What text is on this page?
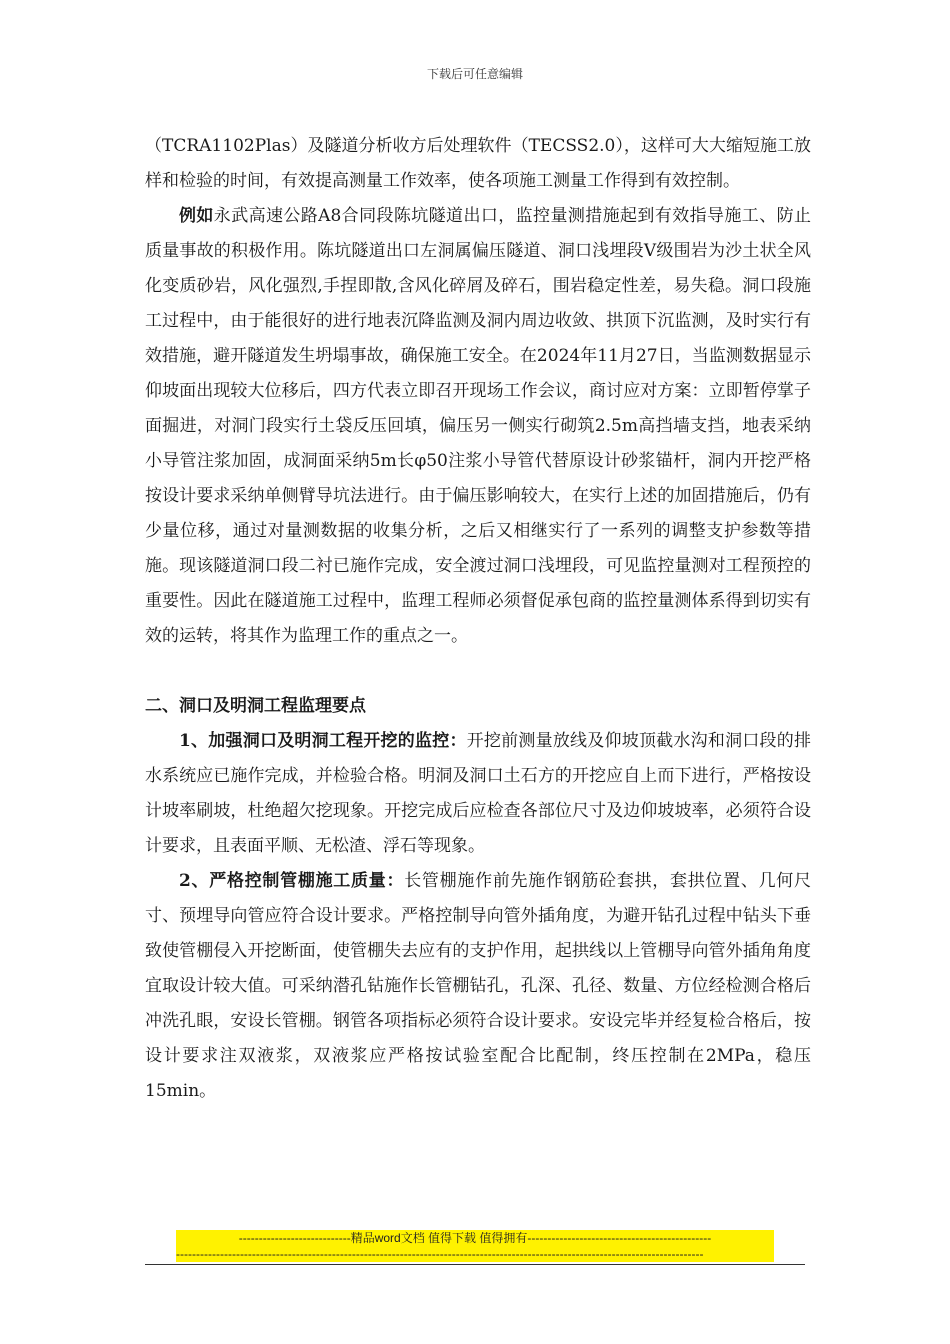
下载后可任意编辑

（TCRA1102Plas）及隧道分析收方后处理软件（TECSS2.0），这样可大大缩短施工放样和检验的时间，有效提高测量工作效率，使各项施工测量工作得到有效控制。

例如永武高速公路A8合同段陈坑隧道出口，监控量测措施起到有效指导施工、防止质量事故的积极作用。陈坑隧道出口左洞属偏压隧道、洞口浅埋段V级围岩为沙土状全风化变质砂岩，风化强烈,手捏即散,含风化碎屑及碎石，围岩稳定性差，易失稳。洞口段施工过程中，由于能很好的进行地表沉降监测及洞内周边收敛、拱顶下沉监测，及时实行有效措施，避开隧道发生坍塌事故，确保施工安全。在2024年11月27日，当监测数据显示仰坡面出现较大位移后，四方代表立即召开现场工作会议，商讨应对方案：立即暂停掌子面掘进，对洞门段实行土袋反压回填，偏压另一侧实行砌筑2.5m高挡墙支挡，地表采纳小导管注浆加固，成洞面采纳5m长φ50注浆小导管代替原设计砂浆锚杆，洞内开挖严格按设计要求采纳单侧臂导坑法进行。由于偏压影响较大，在实行上述的加固措施后，仍有少量位移，通过对量测数据的收集分析，之后又相继实行了一系列的调整支护参数等措施。现该隧道洞口段二衬已施作完成，安全渡过洞口浅埋段，可见监控量测对工程预控的重要性。因此在隧道施工过程中，监理工程师必须督促承包商的监控量测体系得到切实有效的运转，将其作为监理工作的重点之一。

二、洞口及明洞工程监理要点

1、加强洞口及明洞工程开挖的监控：开挖前测量放线及仰坡顶截水沟和洞口段的排水系统应已施作完成，并检验合格。明洞及洞口土石方的开挖应自上而下进行，严格按设计坡率刷坡，杜绝超欠挖现象。开挖完成后应检查各部位尺寸及边仰坡坡率，必须符合设计要求，且表面平顺、无松渣、浮石等现象。

2、严格控制管棚施工质量：长管棚施作前先施作钢筋砼套拱，套拱位置、几何尺寸、预埋导向管应符合设计要求。严格控制导向管外插角度，为避开钻孔过程中钻头下垂致使管棚侵入开挖断面，使管棚失去应有的支护作用，起拱线以上管棚导向管外插角角度宜取设计较大值。可采纳潜孔钻施作长管棚钻孔，孔深、孔径、数量、方位经检测合格后冲洗孔眼，安设长管棚。钢管各项指标必须符合设计要求。安设完毕并经复检合格后，按设计要求注双液浆，双液浆应严格按试验室配合比配制，终压控制在2MPa，稳压15min。

----------------------------精品word文档 值得下载 值得拥有----------------------------------------------
------------------------------------------------------------------------------------------------------------------------------------
